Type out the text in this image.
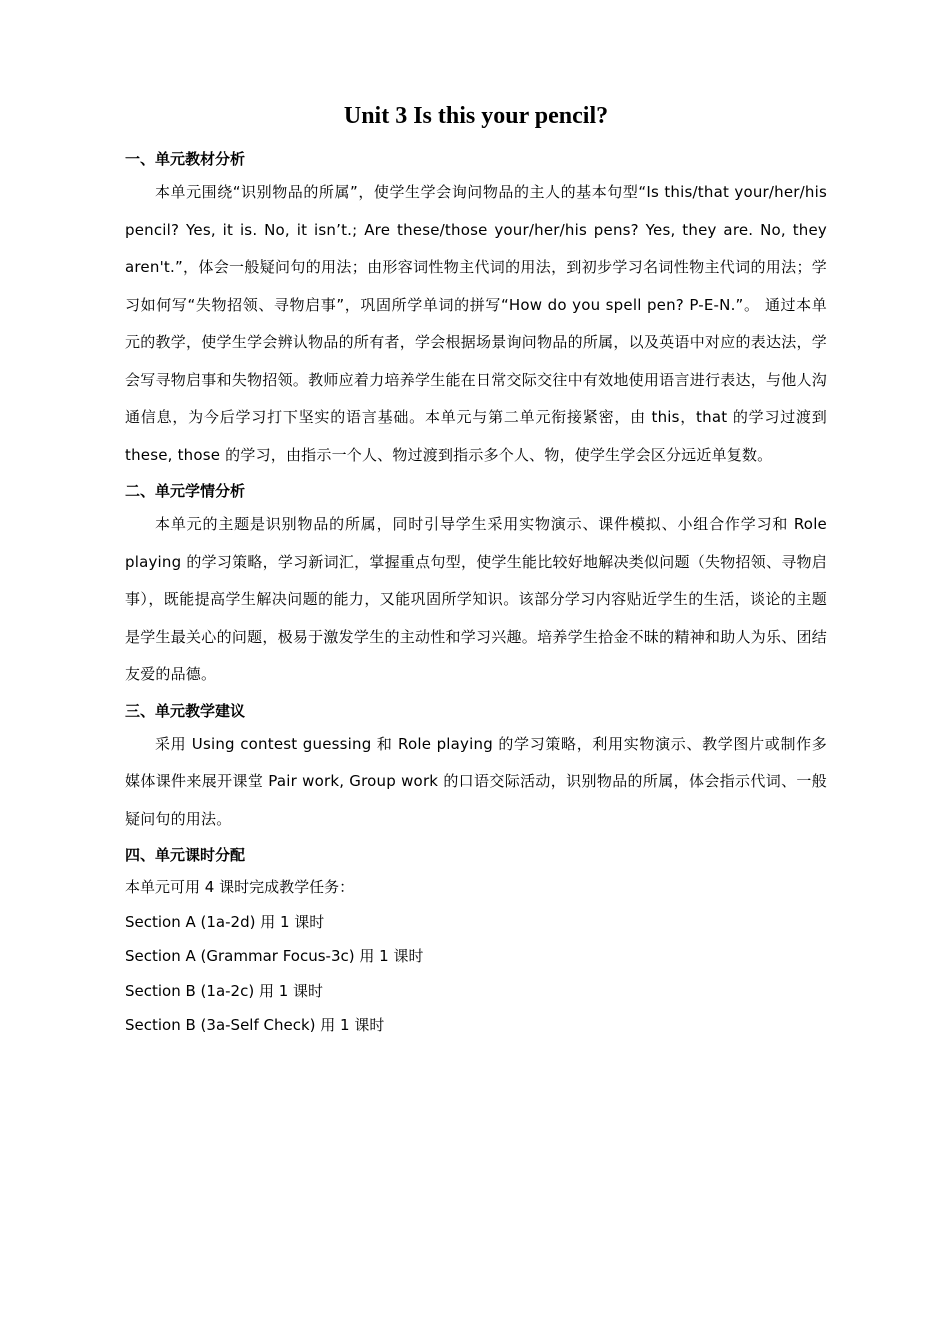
Unit 3 Is this your pencil?
一、单元教材分析

本单元围绕“识别物品的所属”，使学生学会询问物品的主人的基本句型“Is this/that your/her/his pencil? Yes, it is. No, it isn’t.; Are these/those your/her/his pens? Yes, they are. No, they aren't.”，体会一般疑问句的用法；由形容词性物主代词的用法，到初步学习名词性物主代词的用法；学习如何写“失物招领、寻物启事”，巩固所学单词的拼写“How do you spell pen? P-E-N.”。 通过本单元的教学，使学生学会辨认物品的所有者，学会根据场景询问物品的所属，以及英语中对应的表达法，学会写寻物启事和失物招领。教师应着力培养学生能在日常交际交往中有效地使用语言进行表达，与他人沟通信息，为今后学习打下坚实的语言基础。本单元与第二单元衔接紧密，由 this，that 的学习过渡到 these, those 的学习，由指示一个人、物过渡到指示多个人、物，使学生学会区分远近单复数。

二、单元学情分析

本单元的主题是识别物品的所属，同时引导学生采用实物演示、课件模拟、小组合作学习和 Role playing 的学习策略，学习新词汇，掌握重点句型，使学生能比较好地解决类似问题（失物招领、寻物启事），既能提高学生解决问题的能力，又能巩固所学知识。该部分学习内容贴近学生的生活，谈论的主题是学生最关心的问题，极易于激发学生的主动性和学习兴趣。培养学生拾金不昧的精神和助人为乐、团结友爱的品德。

三、单元教学建议

采用 Using contest guessing 和 Role playing 的学习策略，利用实物演示、教学图片或制作多媒体课件来展开课堂 Pair work, Group work 的口语交际活动，识别物品的所属，体会指示代词、一般疑问句的用法。

四、单元课时分配

本单元可用 4 课时完成教学任务：

Section A (1a-2d) 用 1 课时

Section A (Grammar Focus-3c) 用 1 课时

Section B (1a-2c) 用 1 课时

Section B (3a-Self Check) 用 1 课时
